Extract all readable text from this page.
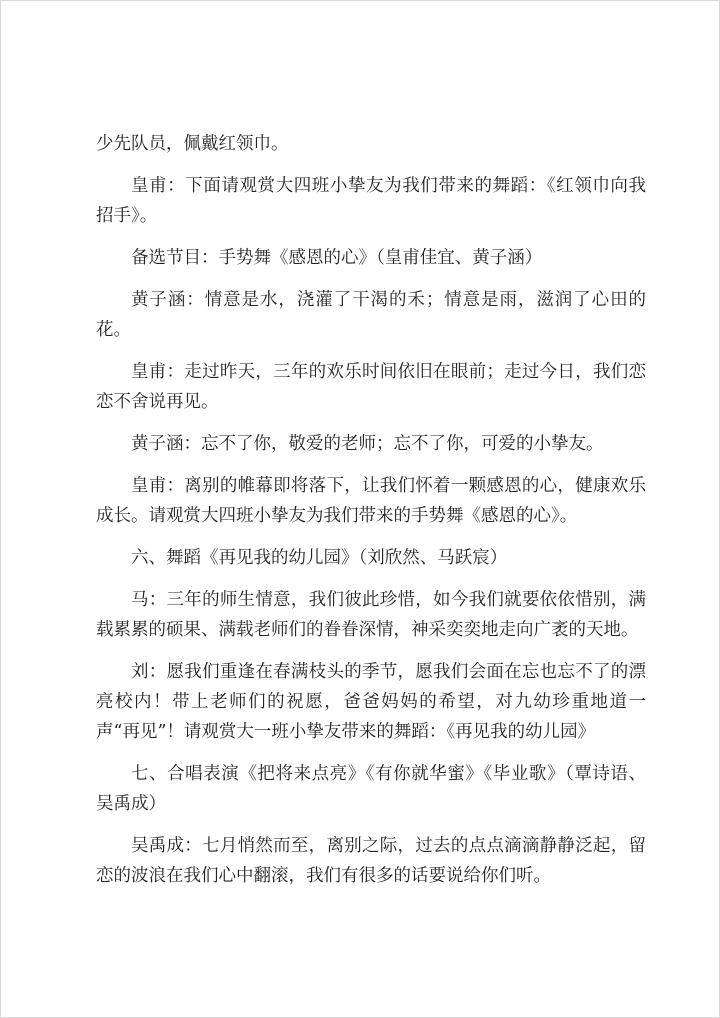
少先队员，佩戴红领巾。

皇甫：下面请观赏大四班小挚友为我们带来的舞蹈：《红领巾向我招手》。

备选节目：手势舞《感恩的心》（皇甫佳宜、黄子涵）

黄子涵：情意是水，浇灌了干渴的禾；情意是雨，滋润了心田的花。

皇甫：走过昨天，三年的欢乐时间依旧在眼前；走过今日，我们恋恋不舍说再见。

黄子涵：忘不了你，敬爱的老师；忘不了你，可爱的小挚友。

皇甫：离别的帷幕即将落下，让我们怀着一颗感恩的心，健康欢乐成长。请观赏大四班小挚友为我们带来的手势舞《感恩的心》。

六、舞蹈《再见我的幼儿园》（刘欣然、马跃宸）

马：三年的师生情意，我们彼此珍惜，如今我们就要依依惜别，满载累累的硕果、满载老师们的眷眷深情，神采奕奕地走向广袤的天地。

刘：愿我们重逢在春满枝头的季节，愿我们会面在忘也忘不了的漂亮校内！带上老师们的祝愿，爸爸妈妈的希望，对九幼珍重地道一声“再见”！请观赏大一班小挚友带来的舞蹈：《再见我的幼儿园》

七、合唱表演《把将来点亮》《有你就华蜜》《毕业歌》（覃诗语、吴禹成）

吴禹成：七月悄然而至，离别之际，过去的点点滴滴静静泛起，留恋的波浪在我们心中翻滚，我们有很多的话要说给你们听。
